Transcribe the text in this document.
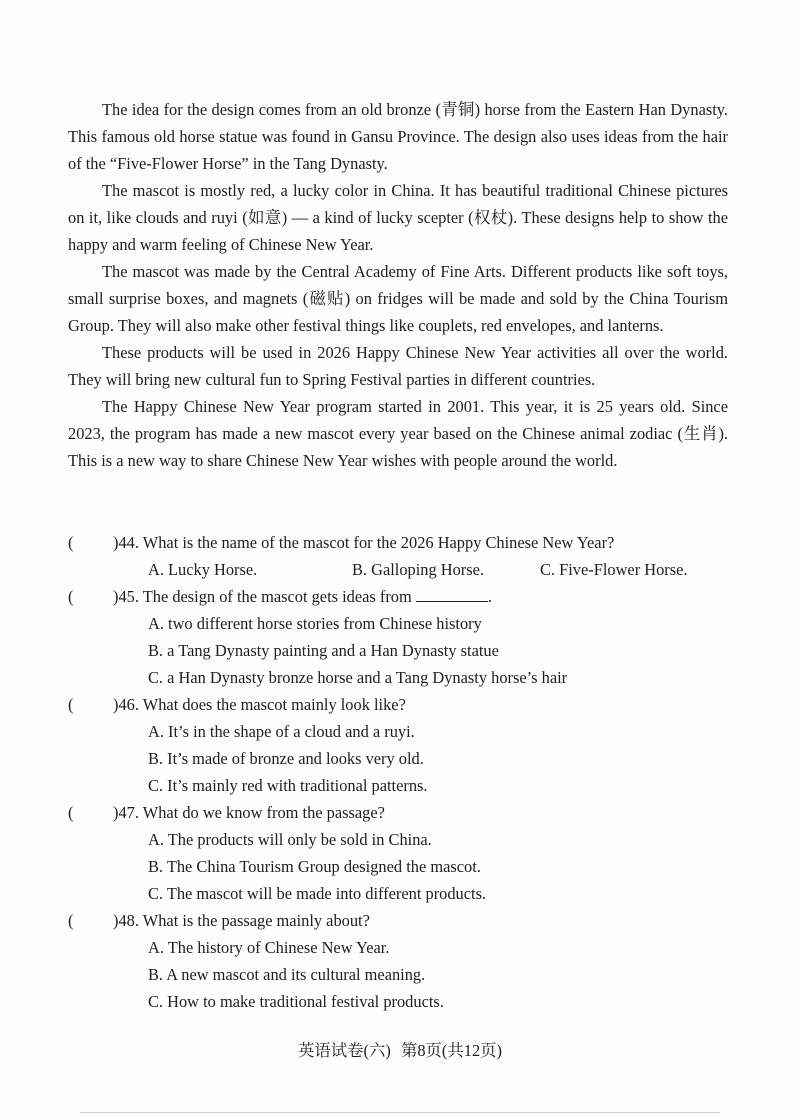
The idea for the design comes from an old bronze (青铜) horse from the Eastern Han Dynasty. This famous old horse statue was found in Gansu Province. The design also uses ideas from the hair of the “Five-Flower Horse” in the Tang Dynasty.

The mascot is mostly red, a lucky color in China. It has beautiful traditional Chinese pictures on it, like clouds and ruyi (如意) — a kind of lucky scepter (权杖). These designs help to show the happy and warm feeling of Chinese New Year.

The mascot was made by the Central Academy of Fine Arts. Different products like soft toys, small surprise boxes, and magnets (磁贴) on fridges will be made and sold by the China Tourism Group. They will also make other festival things like couplets, red envelopes, and lanterns.

These products will be used in 2026 Happy Chinese New Year activities all over the world. They will bring new cultural fun to Spring Festival parties in different countries.

The Happy Chinese New Year program started in 2001. This year, it is 25 years old. Since 2023, the program has made a new mascot every year based on the Chinese animal zodiac (生肖). This is a new way to share Chinese New Year wishes with people around the world.

( )44. What is the name of the mascot for the 2026 Happy Chinese New Year?
A. Lucky Horse.	B. Galloping Horse.	C. Five-Flower Horse.
( )45. The design of the mascot gets ideas from	.
A. two different horse stories from Chinese history
B. a Tang Dynasty painting and a Han Dynasty statue
C. a Han Dynasty bronze horse and a Tang Dynasty horse’s hair
( )46. What does the mascot mainly look like?
A. It’s in the shape of a cloud and a ruyi.
B. It’s made of bronze and looks very old.
C. It’s mainly red with traditional patterns.
( )47. What do we know from the passage?
A. The products will only be sold in China.
B. The China Tourism Group designed the mascot.
C. The mascot will be made into different products.
( )48. What is the passage mainly about?
A. The history of Chinese New Year.
B. A new mascot and its cultural meaning.
C. How to make traditional festival products.
英语试卷(六) 第8页(共12页)
